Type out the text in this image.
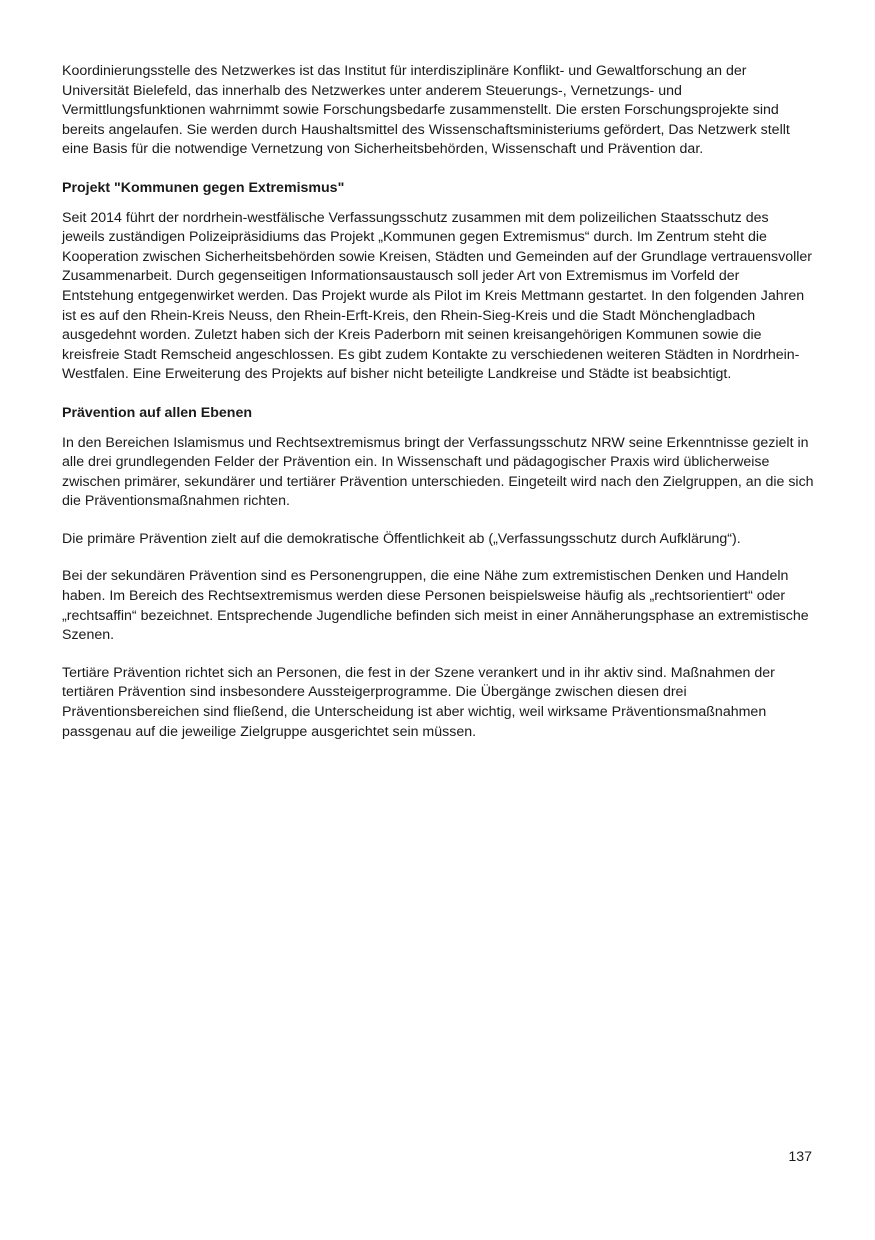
Koordinierungsstelle des Netzwerkes ist das Institut für interdisziplinäre Konflikt- und Gewaltforschung an der Universität Bielefeld, das innerhalb des Netzwerkes unter anderem Steuerungs-, Vernetzungs- und Vermittlungsfunktionen wahrnimmt sowie Forschungsbedarfe zusammenstellt. Die ersten Forschungsprojekte sind bereits angelaufen. Sie werden durch Haushaltsmittel des Wissenschaftsministeriums gefördert, Das Netzwerk stellt eine Basis für die notwendige Vernetzung von Sicherheitsbehörden, Wissenschaft und Prävention dar.

Projekt "Kommunen gegen Extremismus"

Seit 2014 führt der nordrhein-westfälische Verfassungsschutz zusammen mit dem polizeilichen Staatsschutz des jeweils zuständigen Polizeipräsidiums das Projekt „Kommunen gegen Extremismus“ durch. Im Zentrum steht die Kooperation zwischen Sicherheitsbehörden sowie Kreisen, Städten und Gemeinden auf der Grundlage vertrauensvoller Zusammenarbeit. Durch gegenseitigen Informationsaustausch soll jeder Art von Extremismus im Vorfeld der Entstehung entgegenwirket werden. Das Projekt wurde als Pilot im Kreis Mettmann gestartet. In den folgenden Jahren ist es auf den Rhein-Kreis Neuss, den Rhein-Erft-Kreis, den Rhein-Sieg-Kreis und die Stadt Mönchengladbach ausgedehnt worden. Zuletzt haben sich der Kreis Paderborn mit seinen kreisangehörigen Kommunen sowie die kreisfreie Stadt Remscheid angeschlossen. Es gibt zudem Kontakte zu verschiedenen weiteren Städten in Nordrhein-Westfalen. Eine Erweiterung des Projekts auf bisher nicht beteiligte Landkreise und Städte ist beabsichtigt.

Prävention auf allen Ebenen

In den Bereichen Islamismus und Rechtsextremismus bringt der Verfassungsschutz NRW seine Erkenntnisse gezielt in alle drei grundlegenden Felder der Prävention ein. In Wissenschaft und pädagogischer Praxis wird üblicherweise zwischen primärer, sekundärer und tertiärer Prävention unterschieden. Eingeteilt wird nach den Zielgruppen, an die sich die Präventionsmaßnahmen richten.

Die primäre Prävention zielt auf die demokratische Öffentlichkeit ab („Verfassungsschutz durch Aufklärung“).

Bei der sekundären Prävention sind es Personengruppen, die eine Nähe zum extremistischen Denken und Handeln haben. Im Bereich des Rechtsextremismus werden diese Personen beispielsweise häufig als „rechtsorientiert“ oder „rechtsaffin“ bezeichnet. Entsprechende Jugendliche befinden sich meist in einer Annäherungsphase an extremistische Szenen.

Tertiäre Prävention richtet sich an Personen, die fest in der Szene verankert und in ihr aktiv sind. Maßnahmen der tertiären Prävention sind insbesondere Aussteigerprogramme. Die Übergänge zwischen diesen drei Präventionsbereichen sind fließend, die Unterscheidung ist aber wichtig, weil wirksame Präventionsmaßnahmen passgenau auf die jeweilige Zielgruppe ausgerichtet sein müssen.

137
